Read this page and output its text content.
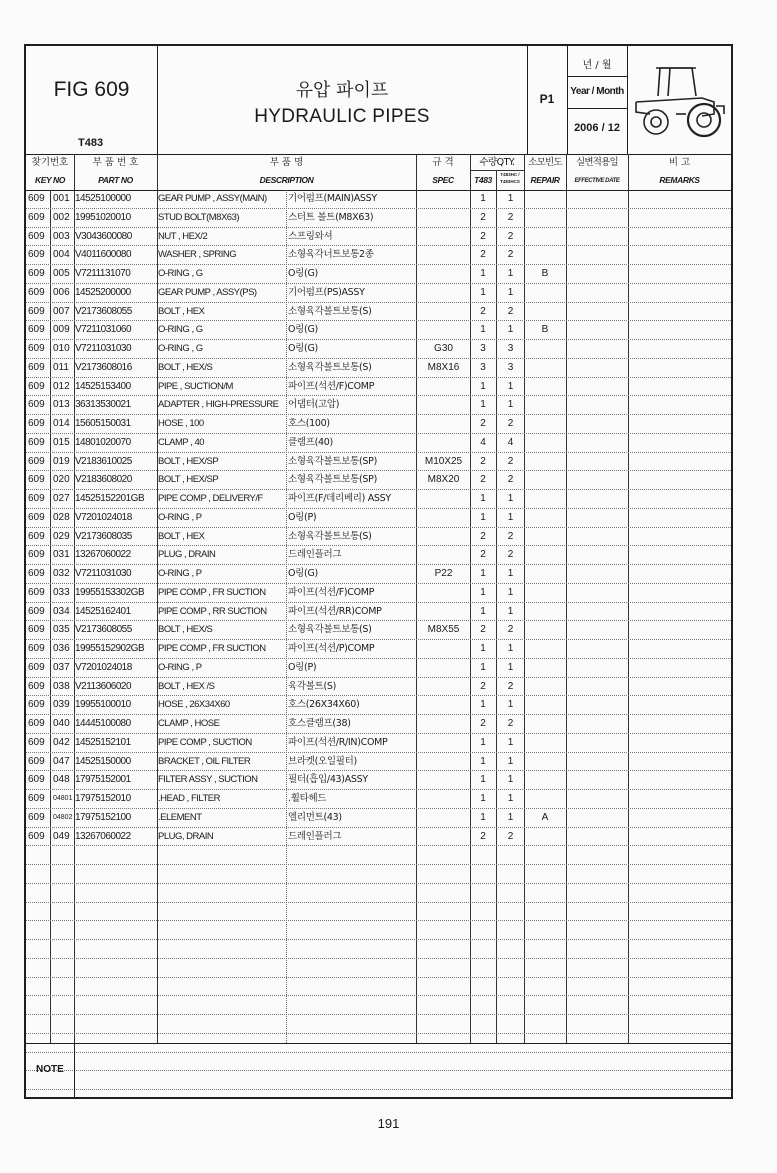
FIG 609
T483
유압 파이프
HYDRAULIC PIPES
P1
년 / 월
Year / Month
2006 / 12
찾기번호
KEY NO
부 품 번 호
PART NO
부 품 명
DESCRIPTION
규 격
SPEC
수량QTY.
T483
T483HC / T483HCS
소모빈도
REPAIR
실변적용일
EFFECTIVE DATE
비 고
REMARKS
609 001 14525100000	GEAR PUMP , ASSY(MAIN)	기어펌프(MAIN)ASSY	1	1
609 002 19951020010	STUD BOLT(M8X63)	스터트 볼트(M8X63)	2	2
609 003 V3043600080	NUT , HEX/2	스프링와셔	2	2
609 004 V4011600080	WASHER , SPRING	소형육각너트보통2종	2	2
609 005 V7211131070	O-RING , G	O링(G)	1	1	B
609 006 14525200000	GEAR PUMP , ASSY(PS)	기어펌프(PS)ASSY	1	1
609 007 V2173608055	BOLT , HEX	소형육각볼트보통(S)	2	2
609 009 V7211031060	O-RING , G	O링(G)	1	1	B
609 010 V7211031030	O-RING , G	O링(G)	G30	3	3
609 011 V2173608016	BOLT , HEX/S	소형육각볼트보통(S)	M8X16	3	3
609 012 14525153400	PIPE , SUCTION/M	파이프(석션/F)COMP	1	1
609 013 36313530021	ADAPTER , HIGH-PRESSURE	어댑터(고압)	1	1
609 014 15605150031	HOSE , 100	호스(100)	2	2
609 015 14801020070	CLAMP , 40	클램프(40)	4	4
609 019 V2183610025	BOLT , HEX/SP	소형육각볼트보통(SP)	M10X25	2	2
609 020 V2183608020	BOLT , HEX/SP	소형육각볼트보통(SP)	M8X20	2	2
609 027 14525152201GB	PIPE COMP , DELIVERY/F	파이프(F/데리베리) ASSY	1	1
609 028 V7201024018	O-RING , P	O링(P)	1	1
609 029 V2173608035	BOLT , HEX	소형육각볼트보통(S)	2	2
609 031 13267060022	PLUG , DRAIN	드레인플러그	2	2
609 032 V7211031030	O-RING , P	O링(G)	P22	1	1
609 033 19955153302GB	PIPE COMP , FR SUCTION	파이프(석션/F)COMP	1	1
609 034 14525162401	PIPE COMP , RR SUCTION	파이프(석션/RR)COMP	1	1
609 035 V2173608055	BOLT , HEX/S	소형육각볼트보통(S)	M8X55	2	2
609 036 19955152902GB	PIPE COMP , FR SUCTION	파이프(석션/P)COMP	1	1
609 037 V7201024018	O-RING , P	O링(P)	1	1
609 038 V2113606020	BOLT , HEX /S	육각볼트(S)	2	2
609 039 19955100010	HOSE , 26X34X60	호스(26X34X60)	1	1
609 040 14445100080	CLAMP , HOSE	호스클램프(38)	2	2
609 042 14525152101	PIPE COMP , SUCTION	파이프(석션/R/IN)COMP	1	1
609 047 14525150000	BRACKET , OIL FILTER	브라켓(오일필터)	1	1
609 048 17975152001	FILTER ASSY , SUCTION	필터(흡입/43)ASSY	1	1
609	04801 17975152010	.HEAD , FILTER	.휠타헤드	1	1
609	04802 17975152100	.ELEMENT	엘리먼트(43)	1	1	A
609 049 13267060022	PLUG, DRAIN	드레인플러그	2	2
NOTE
191
